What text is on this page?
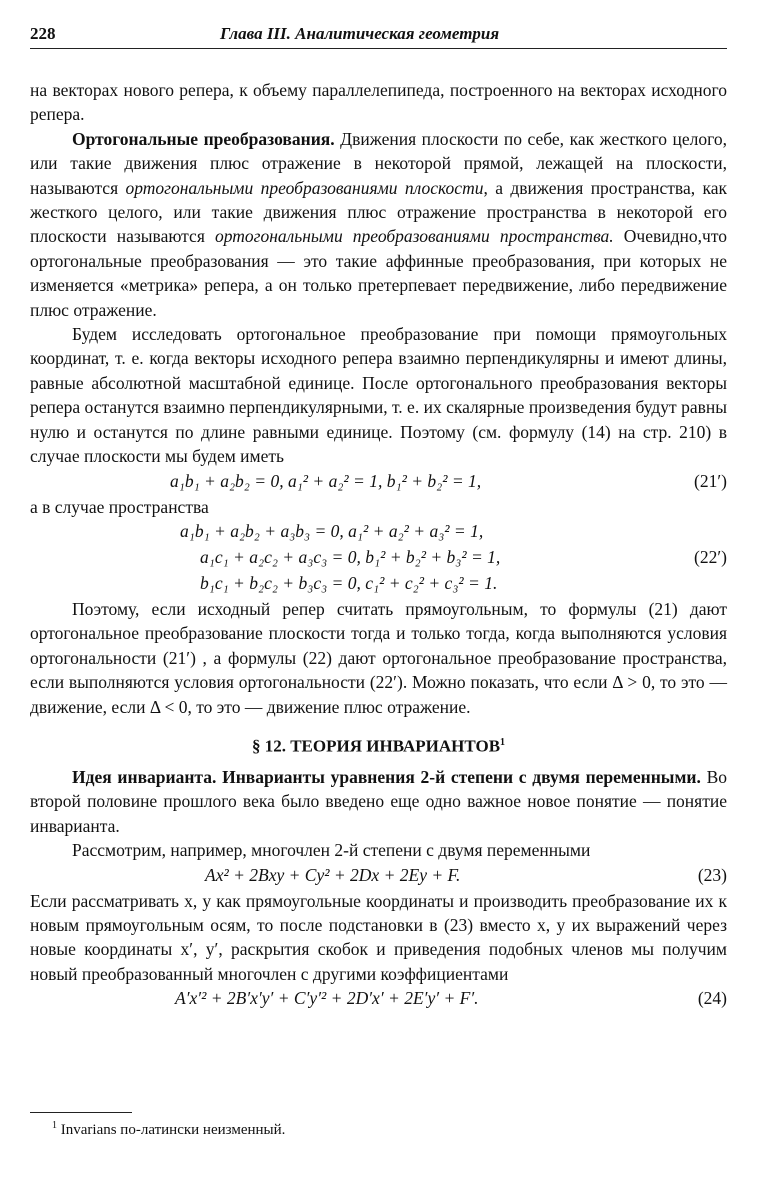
228	Глава III. Аналитическая геометрия

на векторах нового репера, к объему параллелепипеда, построенного на векторах исходного репера.

Ортогональные преобразования. Движения плоскости по себе, как жесткого целого, или такие движения плюс отражение в некоторой прямой, лежащей на плоскости, называются ортогональными преобразованиями плоскости, а движения пространства, как жесткого целого, или такие движения плюс отражение пространства в некоторой его плоскости называются ортогональными преобразованиями пространства. Очевидно,что ортогональные преобразования — это такие аффинные преобразования, при которых не изменяется «метрика» репера, а он только претерпевает передвижение, либо передвижение плюс отражение.

Будем исследовать ортогональное преобразование при помощи прямоугольных координат, т. е. когда векторы исходного репера взаимно перпендикулярны и имеют длины, равные абсолютной масштабной единице. После ортогонального преобразования векторы репера останутся взаимно перпендикулярными, т. е. их скалярные произведения будут равны нулю и останутся по длине равными единице. Поэтому (см. формулу (14) на стр. 210) в случае плоскости мы будем иметь

a₁b₁ + a₂b₂ = 0, a₁² + a₂² = 1, b₁² + b₂² = 1,	(21′)

а в случае пространства

a₁b₁ + a₂b₂ + a₃b₃ = 0, a₁² + a₂² + a₃² = 1,
a₁c₁ + a₂c₂ + a₃c₃ = 0, b₁² + b₂² + b₃² = 1,	(22′)
b₁c₁ + b₂c₂ + b₃c₃ = 0, c₁² + c₂² + c₃² = 1.

Поэтому, если исходный репер считать прямоугольным, то формулы (21) дают ортогональное преобразование плоскости тогда и только тогда, когда выполняются условия ортогональности (21′) , а формулы (22) дают ортогональное преобразование пространства, если выполняются условия ортогональности (22′). Можно показать, что если Δ > 0, то это — движение, если Δ < 0, то это — движение плюс отражение.

§ 12. ТЕОРИЯ ИНВАРИАНТОВ$^1$

Идея инварианта. Инварианты уравнения 2-й степени с двумя переменными. Во второй половине прошлого века было введено еще одно важное новое понятие — понятие инварианта.

Рассмотрим, например, многочлен 2-й степени с двумя переменными

Ax² + 2Bxy + Cy² + 2Dx + 2Ey + F.	(23)

Если рассматривать x, y как прямоугольные координаты и производить преобразование их к новым прямоугольным осям, то после подстановки в (23) вместо x, y их выражений через новые координаты x′, y′, раскрытия скобок и приведения подобных членов мы получим новый преобразованный многочлен с другими коэффициентами

A′x′² + 2B′x′y′ + C′y′² + 2D′x′ + 2E′y′ + F′.	(24)
$^1$ Invarians по-латински неизменный.
